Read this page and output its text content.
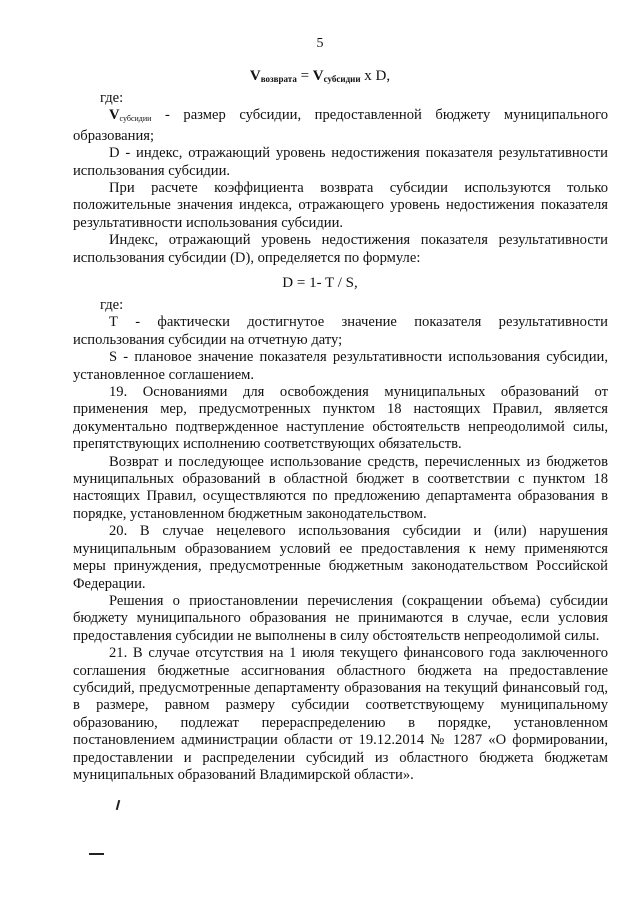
5
$V_{возврата} = V_{субсидии}$ х D,

где:

$V_{субсидии}$ - размер субсидии, предоставленной бюджету муниципального образования;

D - индекс, отражающий уровень недостижения показателя результативности использования субсидии.

При расчете коэффициента возврата субсидии используются только положительные значения индекса, отражающего уровень недостижения показателя результативности использования субсидии.

Индекс, отражающий уровень недостижения показателя результативности использования субсидии (D), определяется по формуле:

D = 1- T / S,

где:

Т - фактически достигнутое значение показателя результативности использования субсидии на отчетную дату;

S - плановое значение показателя результативности использования субсидии, установленное соглашением.

19. Основаниями для освобождения муниципальных образований от применения мер, предусмотренных пунктом 18 настоящих Правил, является документально подтвержденное наступление обстоятельств непреодолимой силы, препятствующих исполнению соответствующих обязательств.

Возврат и последующее использование средств, перечисленных из бюджетов муниципальных образований в областной бюджет в соответствии с пунктом 18 настоящих Правил, осуществляются по предложению департамента образования в порядке, установленном бюджетным законодательством.

20. В случае нецелевого использования субсидии и (или) нарушения муниципальным образованием условий ее предоставления к нему применяются меры принуждения, предусмотренные бюджетным законодательством Российской Федерации.

Решения о приостановлении перечисления (сокращении объема) субсидии бюджету муниципального образования не принимаются в случае, если условия предоставления субсидии не выполнены в силу обстоятельств непреодолимой силы.

21. В случае отсутствия на 1 июля текущего финансового года заключенного соглашения бюджетные ассигнования областного бюджета на предоставление субсидий, предусмотренные департаменту образования на текущий финансовый год, в размере, равном размеру субсидии соответствующему муниципальному образованию, подлежат перераспределению в порядке, установленном постановлением администрации области от 19.12.2014 № 1287 «О формировании, предоставлении и распределении субсидий из областного бюджета бюджетам муниципальных образований Владимирской области».
